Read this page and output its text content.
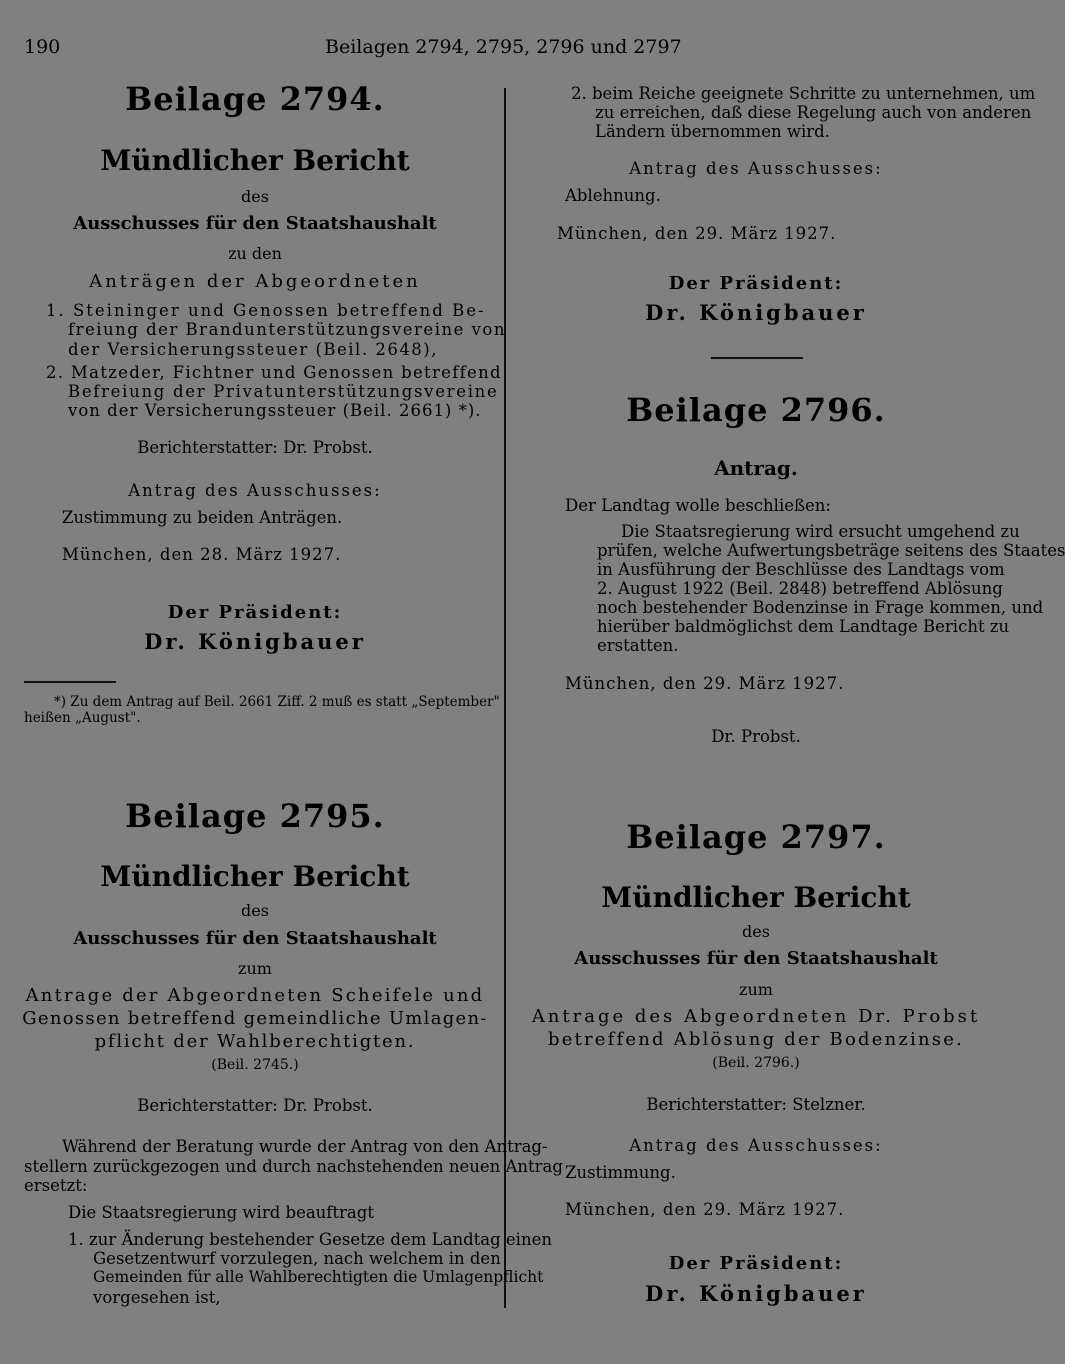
190	Beilagen 2794, 2795, 2796 und 2797
Beilage 2794.
Mündlicher Bericht
des
Ausschusses für den Staatshaushalt
zu den
Anträgen der Abgeordneten
1. Steininger und Genossen betreffend Be-
freiung der Brandunterstützungsvereine von
der Versicherungssteuer (Beil. 2648),
2. Matzeder, Fichtner und Genossen betreffend
Befreiung der Privatunterstützungsvereine
von der Versicherungssteuer (Beil. 2661) *).
Berichterstatter: Dr. Probst.
Antrag des Ausschusses:
Zustimmung zu beiden Anträgen.
München, den 28. März 1927.
Der Präsident:
Dr. Königbauer
*) Zu dem Antrag auf Beil. 2661 Ziff. 2 muß es statt „September"
heißen „August".
Beilage 2795.
Mündlicher Bericht
des
Ausschusses für den Staatshaushalt
zum
Antrage der Abgeordneten Scheifele und
Genossen betreffend gemeindliche Umlagen-
pflicht der Wahlberechtigten.
(Beil. 2745.)
Berichterstatter: Dr. Probst.
Während der Beratung wurde der Antrag von den Antrag-
stellern zurückgezogen und durch nachstehenden neuen Antrag
ersetzt:
Die Staatsregierung wird beauftragt
1. zur Änderung bestehender Gesetze dem Landtag einen
Gesetzentwurf vorzulegen, nach welchem in den
Gemeinden für alle Wahlberechtigten die Umlagenpflicht
vorgesehen ist,
2. beim Reiche geeignete Schritte zu unternehmen, um
zu erreichen, daß diese Regelung auch von anderen
Ländern übernommen wird.
Antrag des Ausschusses:
Ablehnung.
München, den 29. März 1927.
Der Präsident:
Dr. Königbauer
Beilage 2796.
Antrag.
Der Landtag wolle beschließen:
Die Staatsregierung wird ersucht umgehend zu
prüfen, welche Aufwertungsbeträge seitens des Staates
in Ausführung der Beschlüsse des Landtags vom
2. August 1922 (Beil. 2848) betreffend Ablösung
noch bestehender Bodenzinse in Frage kommen, und
hierüber baldmöglichst dem Landtage Bericht zu
erstatten.
München, den 29. März 1927.
Dr. Probst.
Beilage 2797.
Mündlicher Bericht
des
Ausschusses für den Staatshaushalt
zum
Antrage des Abgeordneten Dr. Probst
betreffend Ablösung der Bodenzinse.
(Beil. 2796.)
Berichterstatter: Stelzner.
Antrag des Ausschusses:
Zustimmung.
München, den 29. März 1927.
Der Präsident:
Dr. Königbauer
